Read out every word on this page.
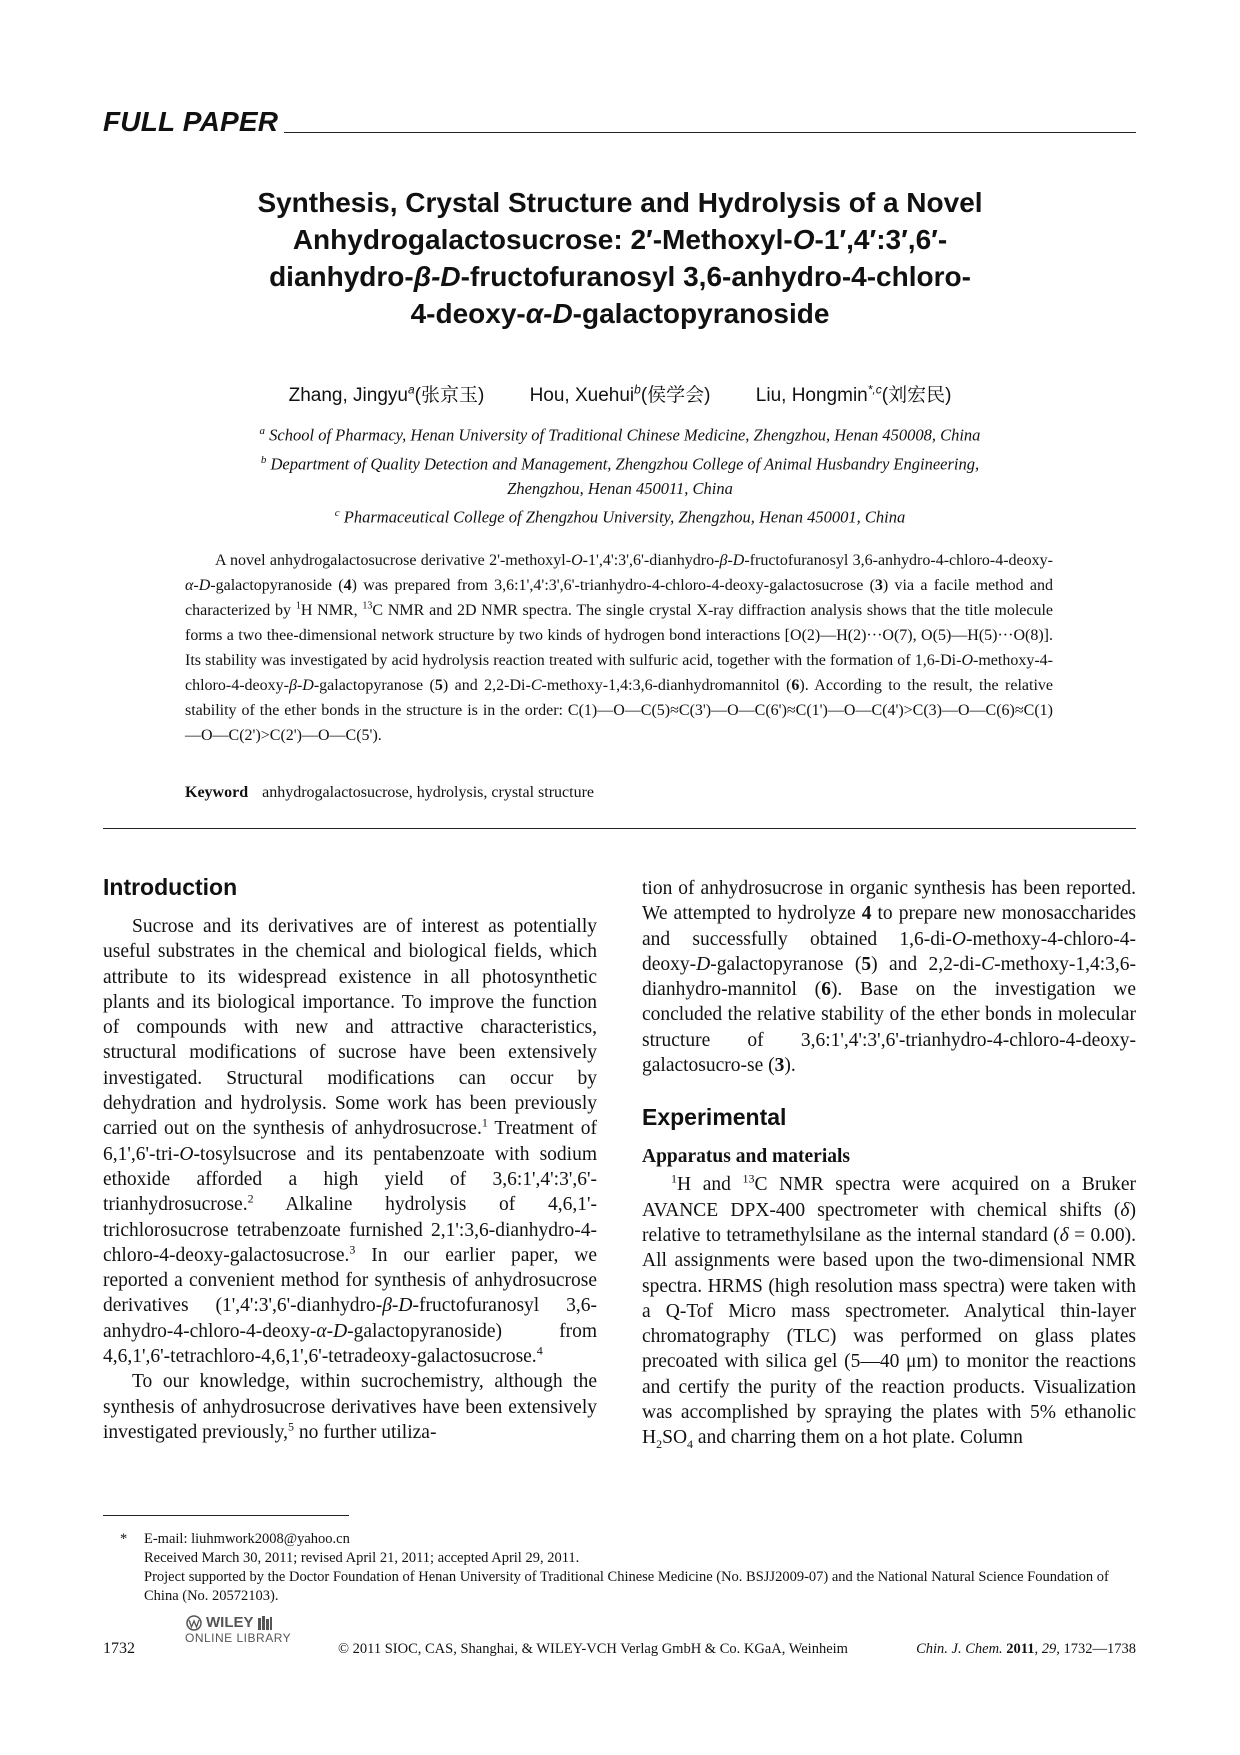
FULL PAPER
Synthesis, Crystal Structure and Hydrolysis of a Novel
Anhydrogalactosucrose: 2′-Methoxyl-O-1′,4′:3′,6′-
dianhydro-β-D-fructofuranosyl 3,6-anhydro-4-chloro-
4-deoxy-α-D-galactopyranoside
Zhang, Jingyu$^a$(张京玉) Hou, Xuehui$^b$(侯学会) Liu, Hongmin$^{*,c}$(刘宏民)
$^a$ School of Pharmacy, Henan University of Traditional Chinese Medicine, Zhengzhou, Henan 450008, China
$^b$ Department of Quality Detection and Management, Zhengzhou College of Animal Husbandry Engineering,
Zhengzhou, Henan 450011, China
$^c$ Pharmaceutical College of Zhengzhou University, Zhengzhou, Henan 450001, China

A novel anhydrogalactosucrose derivative 2'-methoxyl-O-1',4':3',6'-dianhydro-β-D-fructofuranosyl 3,6-anhydro-4-chloro-4-deoxy-α-D-galactopyranoside (4) was prepared from 3,6:1',4':3',6'-trianhydro-4-chloro-4-deoxy-galactosucrose (3) via a facile method and characterized by $^1$H NMR, $^{13}$C NMR and 2D NMR spectra. The single crystal X-ray diffraction analysis shows that the title molecule forms a two thee-dimensional network structure by two kinds of hydrogen bond interactions [O(2)—H(2)···O(7), O(5)—H(5)···O(8)]. Its stability was investigated by acid hydrolysis reaction treated with sulfuric acid, together with the formation of 1,6-Di-O-methoxy-4-chloro-4-deoxy-β-D-galactopyranose (5) and 2,2-Di-C-methoxy-1,4:3,6-dianhydromannitol (6). According to the result, the relative stability of the ether bonds in the structure is in the order: C(1)—O—C(5)≈C(3')—O—C(6')≈C(1')—O—C(4')>C(3)—O—C(6)≈C(1)—O—C(2')>C(2')—O—C(5').

Keyword anhydrogalactosucrose, hydrolysis, crystal structure
Introduction

Sucrose and its derivatives are of interest as potentially useful substrates in the chemical and biological fields, which attribute to its widespread existence in all photosynthetic plants and its biological importance. To improve the function of compounds with new and attractive characteristics, structural modifications of sucrose have been extensively investigated. Structural modifications can occur by dehydration and hydrolysis. Some work has been previously carried out on the synthesis of anhydrosucrose.$^1$ Treatment of 6,1',6'-tri-O-tosylsucrose and its pentabenzoate with sodium ethoxide afforded a high yield of 3,6:1',4':3',6'-trianhydrosucrose.$^2$ Alkaline hydrolysis of 4,6,1'-trichlorosucrose tetrabenzoate furnished 2,1':3,6-dianhydro-4-chloro-4-deoxy-galactosucrose.$^3$ In our earlier paper, we reported a convenient method for synthesis of anhydrosucrose derivatives (1',4':3',6'-dianhydro-β-D-fructofuranosyl 3,6-anhydro-4-chloro-4-deoxy-α-D-galactopyranoside) from 4,6,1',6'-tetrachloro-4,6,1',6'-tetradeoxy-galactosucrose.$^4$

To our knowledge, within sucrochemistry, although the synthesis of anhydrosucrose derivatives have been extensively investigated previously,$^5$ no further utiliza-

tion of anhydrosucrose in organic synthesis has been reported. We attempted to hydrolyze 4 to prepare new monosaccharides and successfully obtained 1,6-di-O-methoxy-4-chloro-4-deoxy-D-galactopyranose (5) and 2,2-di-C-methoxy-1,4:3,6-dianhydro-mannitol (6). Base on the investigation we concluded the relative stability of the ether bonds in molecular structure of 3,6:1',4':3',6'-trianhydro-4-chloro-4-deoxy-galactosucro-se (3).

Experimental
Apparatus and materials

$^1$H and $^{13}$C NMR spectra were acquired on a Bruker AVANCE DPX-400 spectrometer with chemical shifts (δ) relative to tetramethylsilane as the internal standard (δ = 0.00). All assignments were based upon the two-dimensional NMR spectra. HRMS (high resolution mass spectra) were taken with a Q-Tof Micro mass spectrometer. Analytical thin-layer chromatography (TLC) was performed on glass plates precoated with silica gel (5—40 μm) to monitor the reactions and certify the purity of the reaction products. Visualization was accomplished by spraying the plates with 5% ethanolic $H_2SO_4$ and charring them on a hot plate. Column

*	E-mail: liuhmwork2008@yahoo.cn
Received March 30, 2011; revised April 21, 2011; accepted April 29, 2011.
Project supported by the Doctor Foundation of Henan University of Traditional Chinese Medicine (No. BSJJ2009-07) and the National Natural Science Foundation of China (No. 20572103).
WILEY
ONLINE LIBRARY
1732	© 2011 SIOC, CAS, Shanghai, & WILEY-VCH Verlag GmbH & Co. KGaA, Weinheim	Chin. J. Chem. 2011, 29, 1732—1738
